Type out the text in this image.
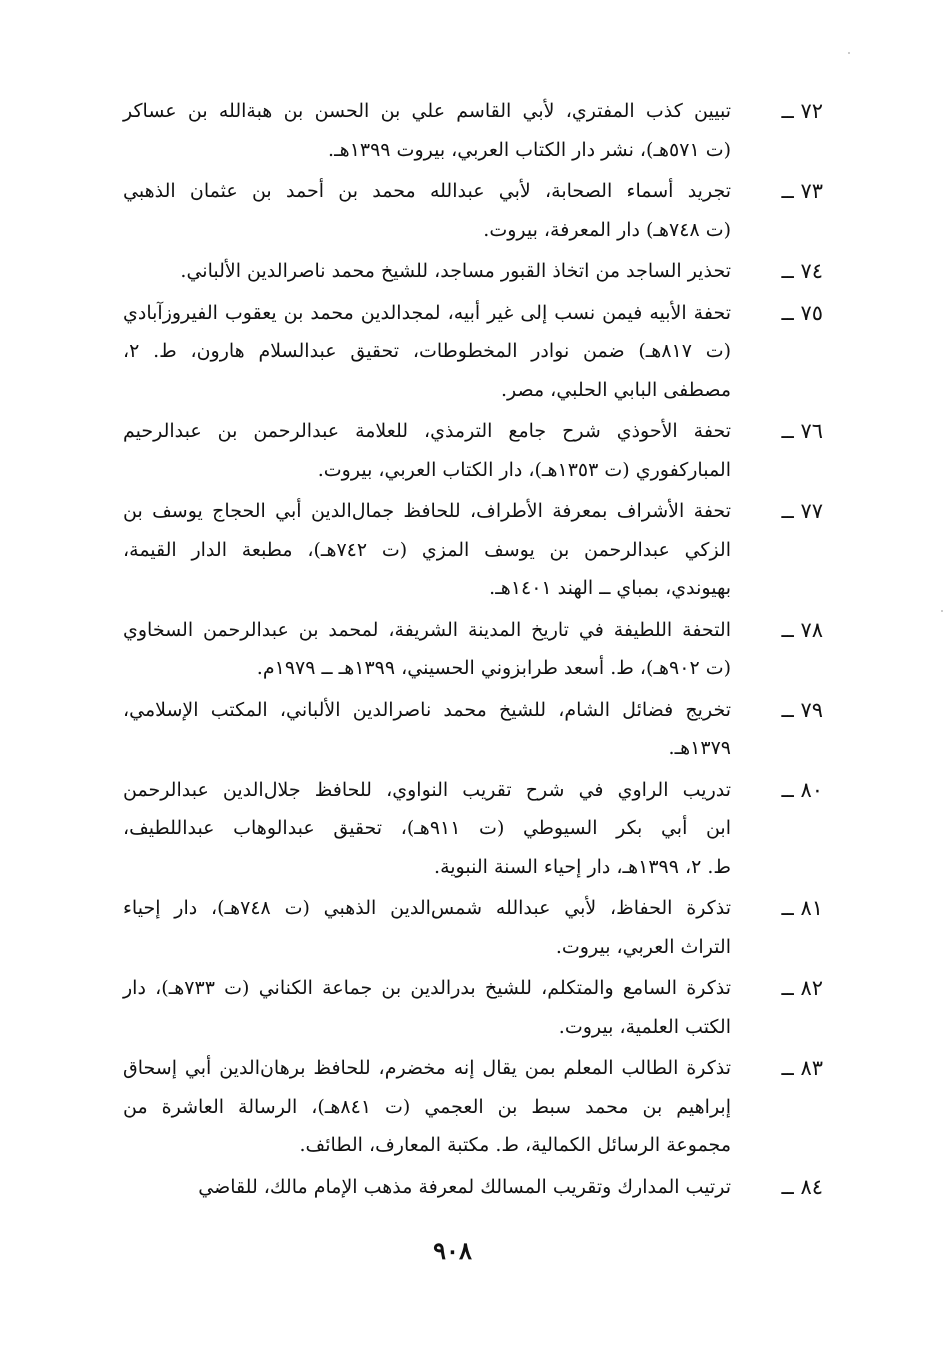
٧٢ ــ
تبيين كذب المفتري، لأبي القاسم علي بن الحسن بن هبةالله بن عساكر
(ت ٥٧١هـ)، نشر دار الكتاب العربي، بيروت ١٣٩٩هـ.
٧٣ ــ
تجريد أسماء الصحابة، لأبي عبدالله محمد بن أحمد بن عثمان الذهبي
(ت ٧٤٨هـ) دار المعرفة، بيروت.
٧٤ ــ
تحذير الساجد من اتخاذ القبور مساجد، للشيخ محمد ناصرالدين الألباني.
٧٥ ــ
تحفة الأبيه فيمن نسب إلى غير أبيه، لمجدالدين محمد بن يعقوب الفيروزآبادي
(ت ٨١٧هـ) ضمن نوادر المخطوطات، تحقيق عبدالسلام هارون، ط. ٢،
مصطفى البابي الحلبي، مصر.
٧٦ ــ
تحفة الأحوذي شرح جامع الترمذي، للعلامة عبدالرحمن بن عبدالرحيم
المباركفوري (ت ١٣٥٣هـ)، دار الكتاب العربي، بيروت.
٧٧ ــ
تحفة الأشراف بمعرفة الأطراف، للحافظ جمال‌الدين أبي الحجاج يوسف بن
الزكي عبدالرحمن بن يوسف المزي (ت ٧٤٢هـ)، مطبعة الدار القيمة،
بهيوندي، بمباي ــ الهند ١٤٠١هـ.
٧٨ ــ
التحفة اللطيفة في تاريخ المدينة الشريفة، لمحمد بن عبدالرحمن السخاوي
(ت ٩٠٢هـ)، ط. أسعد طرابزوني الحسيني، ١٣٩٩هـ ــ ١٩٧٩م.
٧٩ ــ
تخريج فضائل الشام، للشيخ محمد ناصرالدين الألباني، المكتب الإسلامي،
١٣٧٩هـ.
٨٠ ــ
تدريب الراوي في شرح تقريب النواوي، للحافظ جلال‌الدين عبدالرحمن
ابن أبي بكر السيوطي (ت ٩١١هـ)، تحقيق عبدالوهاب عبداللطيف،
ط. ٢، ١٣٩٩هـ، دار إحياء السنة النبوية.
٨١ ــ
تذكرة الحفاظ، لأبي عبدالله شمس‌الدين الذهبي (ت ٧٤٨هـ)، دار إحياء
التراث العربي، بيروت.
٨٢ ــ
تذكرة السامع والمتكلم، للشيخ بدرالدين بن جماعة الكناني (ت ٧٣٣هـ)، دار
الكتب العلمية، بيروت.
٨٣ ــ
تذكرة الطالب المعلم بمن يقال إنه مخضرم، للحافظ برهان‌الدين أبي إسحاق
إبراهيم بن محمد سبط بن العجمي (ت ٨٤١هـ)، الرسالة العاشرة من
مجموعة الرسائل الكمالية، ط. مكتبة المعارف، الطائف.
٨٤ ــ
ترتيب المدارك وتقريب المسالك لمعرفة مذهب الإمام مالك، للقاضي
٩٠٨
